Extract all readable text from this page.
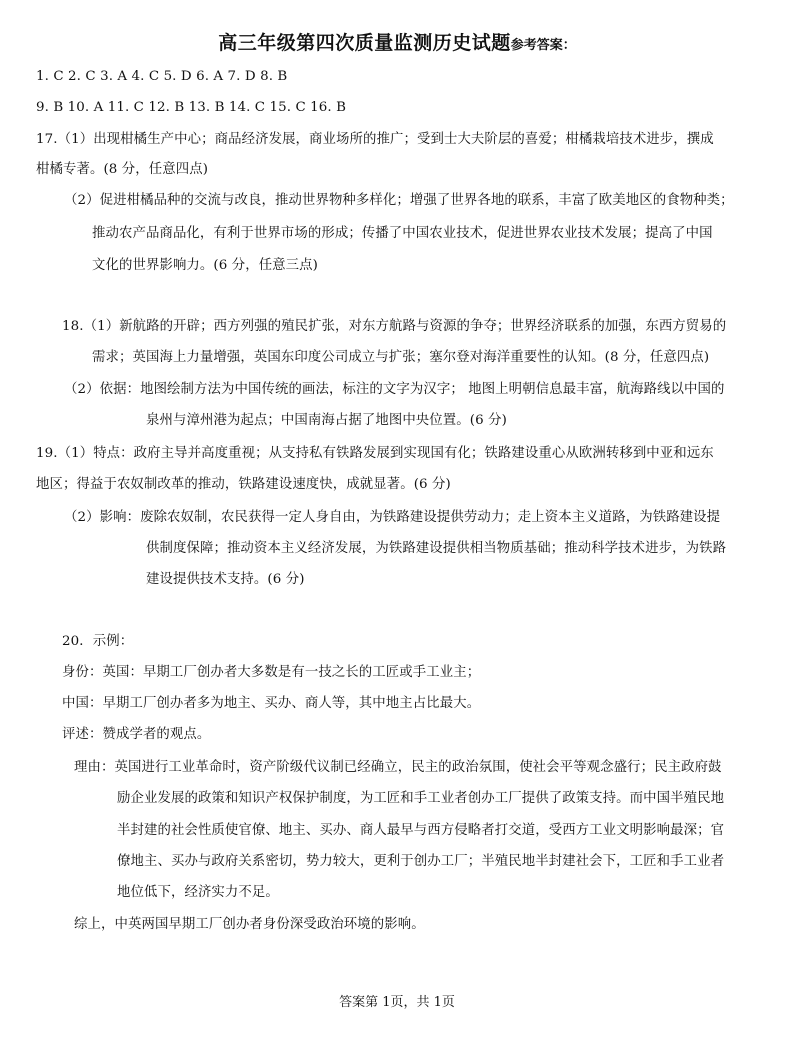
高三年级第四次质量监测历史试题参考答案：
1. C 2. C 3. A 4. C 5. D 6. A 7. D 8. B
9. B 10. A 11. C 12. B 13. B 14. C 15. C 16. B
17.（1）出现柑橘生产中心；商品经济发展，商业场所的推广；受到士大夫阶层的喜爱；柑橘栽培技术进步，撰成
柑橘专著。(8 分，任意四点)
（2）促进柑橘品种的交流与改良，推动世界物种多样化；增强了世界各地的联系，丰富了欧美地区的食物种类；
推动农产品商品化，有利于世界市场的形成；传播了中国农业技术，促进世界农业技术发展；提高了中国
文化的世界影响力。(6 分，任意三点)
18.（1）新航路的开辟；西方列强的殖民扩张，对东方航路与资源的争夺；世界经济联系的加强，东西方贸易的
需求；英国海上力量增强，英国东印度公司成立与扩张；塞尔登对海洋重要性的认知。(8 分，任意四点)
（2）依据：地图绘制方法为中国传统的画法，标注的文字为汉字； 地图上明朝信息最丰富，航海路线以中国的
泉州与漳州港为起点；中国南海占据了地图中央位置。(6 分)
19.（1）特点：政府主导并高度重视；从支持私有铁路发展到实现国有化；铁路建设重心从欧洲转移到中亚和远东
地区；得益于农奴制改革的推动，铁路建设速度快，成就显著。(6 分)
（2）影响：废除农奴制，农民获得一定人身自由，为铁路建设提供劳动力；走上资本主义道路，为铁路建设提
供制度保障；推动资本主义经济发展，为铁路建设提供相当物质基础；推动科学技术进步，为铁路
建设提供技术支持。(6 分)
20．示例：
身份：英国：早期工厂创办者大多数是有一技之长的工匠或手工业主；
中国：早期工厂创办者多为地主、买办、商人等，其中地主占比最大。
评述：赞成学者的观点。
理由：英国进行工业革命时，资产阶级代议制已经确立，民主的政治氛围，使社会平等观念盛行；民主政府鼓
励企业发展的政策和知识产权保护制度，为工匠和手工业者创办工厂提供了政策支持。而中国半殖民地
半封建的社会性质使官僚、地主、买办、商人最早与西方侵略者打交道，受西方工业文明影响最深；官
僚地主、买办与政府关系密切，势力较大，更利于创办工厂；半殖民地半封建社会下，工匠和手工业者
地位低下，经济实力不足。
综上，中英两国早期工厂创办者身份深受政治环境的影响。
答案第 1页，共 1页
